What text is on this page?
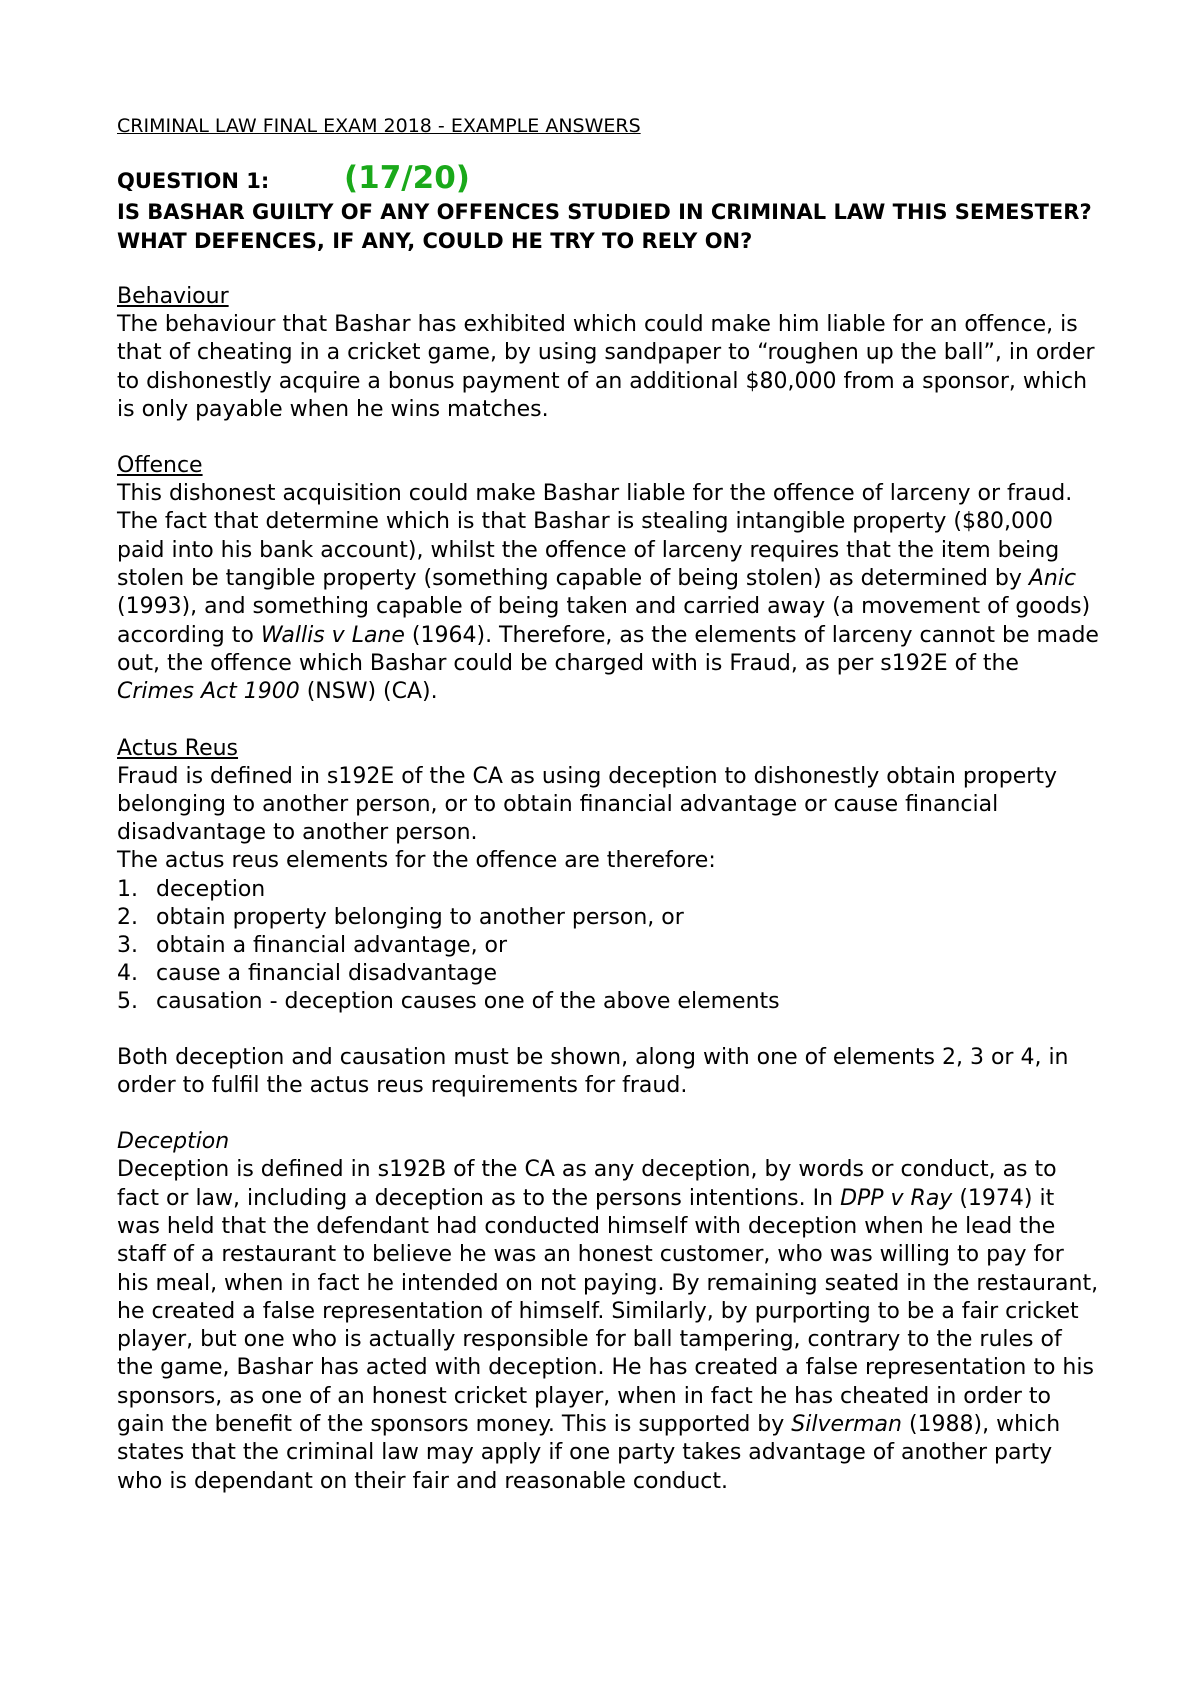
CRIMINAL LAW FINAL EXAM 2018 - EXAMPLE ANSWERS

QUESTION 1:	(17/20)

IS BASHAR GUILTY OF ANY OFFENCES STUDIED IN CRIMINAL LAW THIS SEMESTER? WHAT DEFENCES, IF ANY, COULD HE TRY TO RELY ON?

Behaviour

The behaviour that Bashar has exhibited which could make him liable for an offence, is that of cheating in a cricket game, by using sandpaper to “roughen up the ball”, in order to dishonestly acquire a bonus payment of an additional $80,000 from a sponsor, which is only payable when he wins matches.

Offence

This dishonest acquisition could make Bashar liable for the offence of larceny or fraud. The fact that determine which is that Bashar is stealing intangible property ($80,000 paid into his bank account), whilst the offence of larceny requires that the item being stolen be tangible property (something capable of being stolen) as determined by Anic (1993), and something capable of being taken and carried away (a movement of goods) according to Wallis v Lane (1964). Therefore, as the elements of larceny cannot be made out, the offence which Bashar could be charged with is Fraud, as per s192E of the Crimes Act 1900 (NSW) (CA).

Actus Reus

Fraud is defined in s192E of the CA as using deception to dishonestly obtain property belonging to another person, or to obtain financial advantage or cause financial disadvantage to another person.

The actus reus elements for the offence are therefore:

1. deception
2. obtain property belonging to another person, or
3. obtain a financial advantage, or
4. cause a financial disadvantage
5. causation - deception causes one of the above elements

Both deception and causation must be shown, along with one of elements 2, 3 or 4, in order to fulfil the actus reus requirements for fraud.

Deception

Deception is defined in s192B of the CA as any deception, by words or conduct, as to fact or law, including a deception as to the persons intentions. In DPP v Ray (1974) it was held that the defendant had conducted himself with deception when he lead the staff of a restaurant to believe he was an honest customer, who was willing to pay for his meal, when in fact he intended on not paying. By remaining seated in the restaurant, he created a false representation of himself. Similarly, by purporting to be a fair cricket player, but one who is actually responsible for ball tampering, contrary to the rules of the game, Bashar has acted with deception. He has created a false representation to his sponsors, as one of an honest cricket player, when in fact he has cheated in order to gain the benefit of the sponsors money. This is supported by Silverman (1988), which states that the criminal law may apply if one party takes advantage of another party who is dependant on their fair and reasonable conduct.
